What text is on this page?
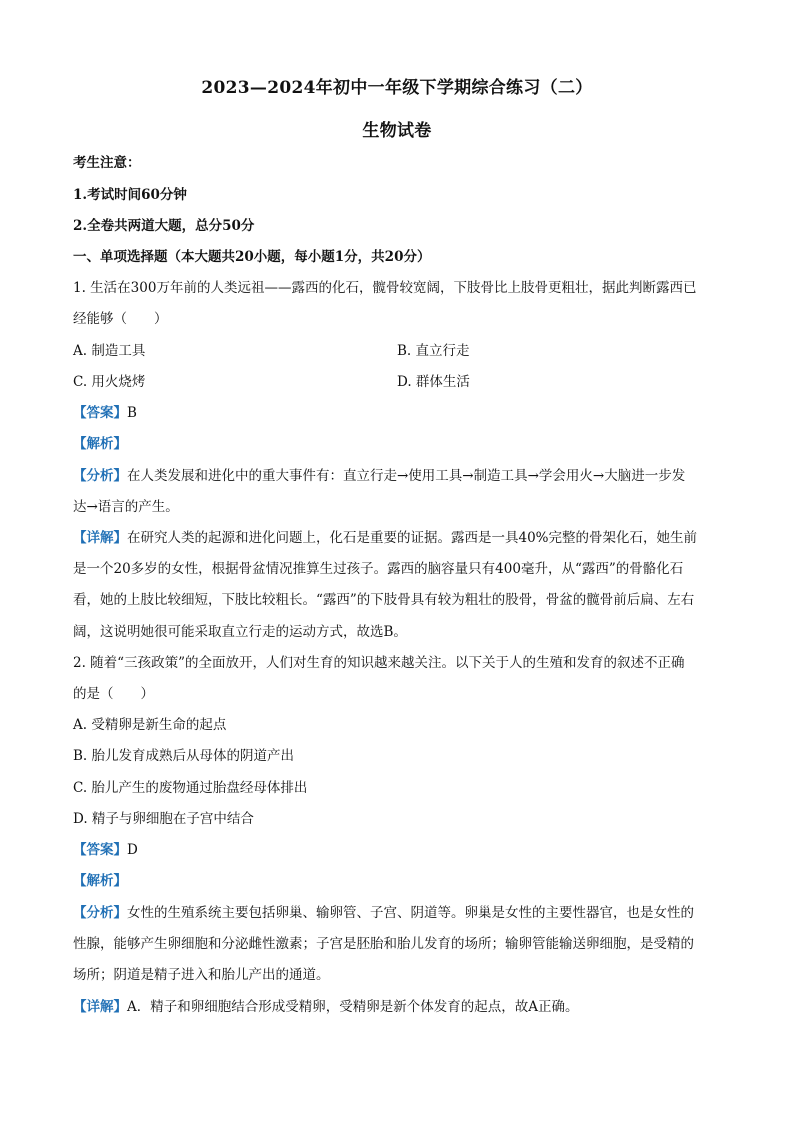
2023—2024年初中一年级下学期综合练习（二）
生物试卷
考生注意：
1.考试时间60分钟
2.全卷共两道大题，总分50分
一、单项选择题（本大题共20小题，每小题1分，共20分）
1. 生活在300万年前的人类远祖——露西的化石，髋骨较宽阔，下肢骨比上肢骨更粗壮，据此判断露西已
经能够（　　）
A. 制造工具	B. 直立行走
C. 用火烧烤	D. 群体生活
【答案】 B
【解析】
【分析】 在人类发展和进化中的重大事件有：直立行走→使用工具→制造工具→学会用火→大脑进一步发
达→语言的产生。
【详解】 在研究人类的起源和进化问题上，化石是重要的证据。露西是一具40%完整的骨架化石，她生前
是一个20多岁的女性，根据骨盆情况推算生过孩子。露西的脑容量只有400毫升，从“露西”的骨骼化石
看，她的上肢比较细短，下肢比较粗长。“露西”的下肢骨具有较为粗壮的股骨，骨盆的髋骨前后扁、左右
阔，这说明她很可能采取直立行走的运动方式，故选B。
2. 随着“三孩政策”的全面放开，人们对生育的知识越来越关注。以下关于人的生殖和发育的叙述不正确
的是（　　）
A. 受精卵是新生命的起点
B. 胎儿发育成熟后从母体的阴道产出
C. 胎儿产生的废物通过胎盘经母体排出
D. 精子与卵细胞在子宫中结合
【答案】 D
【解析】
【分析】 女性的生殖系统主要包括卵巢、输卵管、子宫、阴道等。卵巢是女性的主要性器官，也是女性的
性腺，能够产生卵细胞和分泌雌性激素；子宫是胚胎和胎儿发育的场所；输卵管能输送卵细胞，是受精的
场所；阴道是精子进入和胎儿产出的通道。
【详解】 A．精子和卵细胞结合形成受精卵，受精卵是新个体发育的起点，故A正确。
